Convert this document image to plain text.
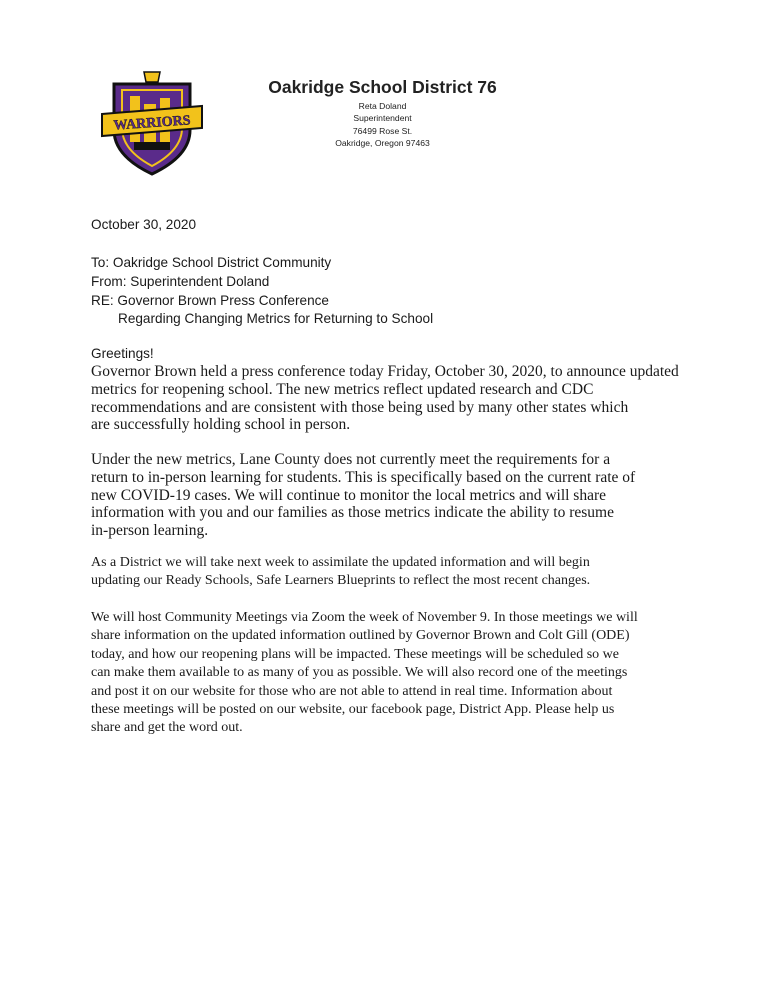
WARRIORS
Oakridge School District 76
Reta Doland
Superintendent
76499 Rose St.
Oakridge, Oregon 97463
October 30, 2020
To: Oakridge School District Community
From: Superintendent Doland
RE: Governor Brown Press Conference
Regarding Changing Metrics for Returning to School
Greetings!
Governor Brown held a press conference today Friday, October 30, 2020, to announce updated
metrics for reopening school. The new metrics reflect updated research and CDC
recommendations and are consistent with those being used by many other states which
are successfully holding school in person.
Under the new metrics, Lane County does not currently meet the requirements for a
return to in-person learning for students. This is specifically based on the current rate of
new COVID-19 cases. We will continue to monitor the local metrics and will share
information with you and our families as those metrics indicate the ability to resume
in-person learning.
As a District we will take next week to assimilate the updated information and will begin
updating our Ready Schools, Safe Learners Blueprints to reflect the most recent changes.
We will host Community Meetings via Zoom the week of November 9. In those meetings we will
share information on the updated information outlined by Governor Brown and Colt Gill (ODE)
today, and how our reopening plans will be impacted. These meetings will be scheduled so we
can make them available to as many of you as possible. We will also record one of the meetings
and post it on our website for those who are not able to attend in real time. Information about
these meetings will be posted on our website, our facebook page, District App. Please help us
share and get the word out.
